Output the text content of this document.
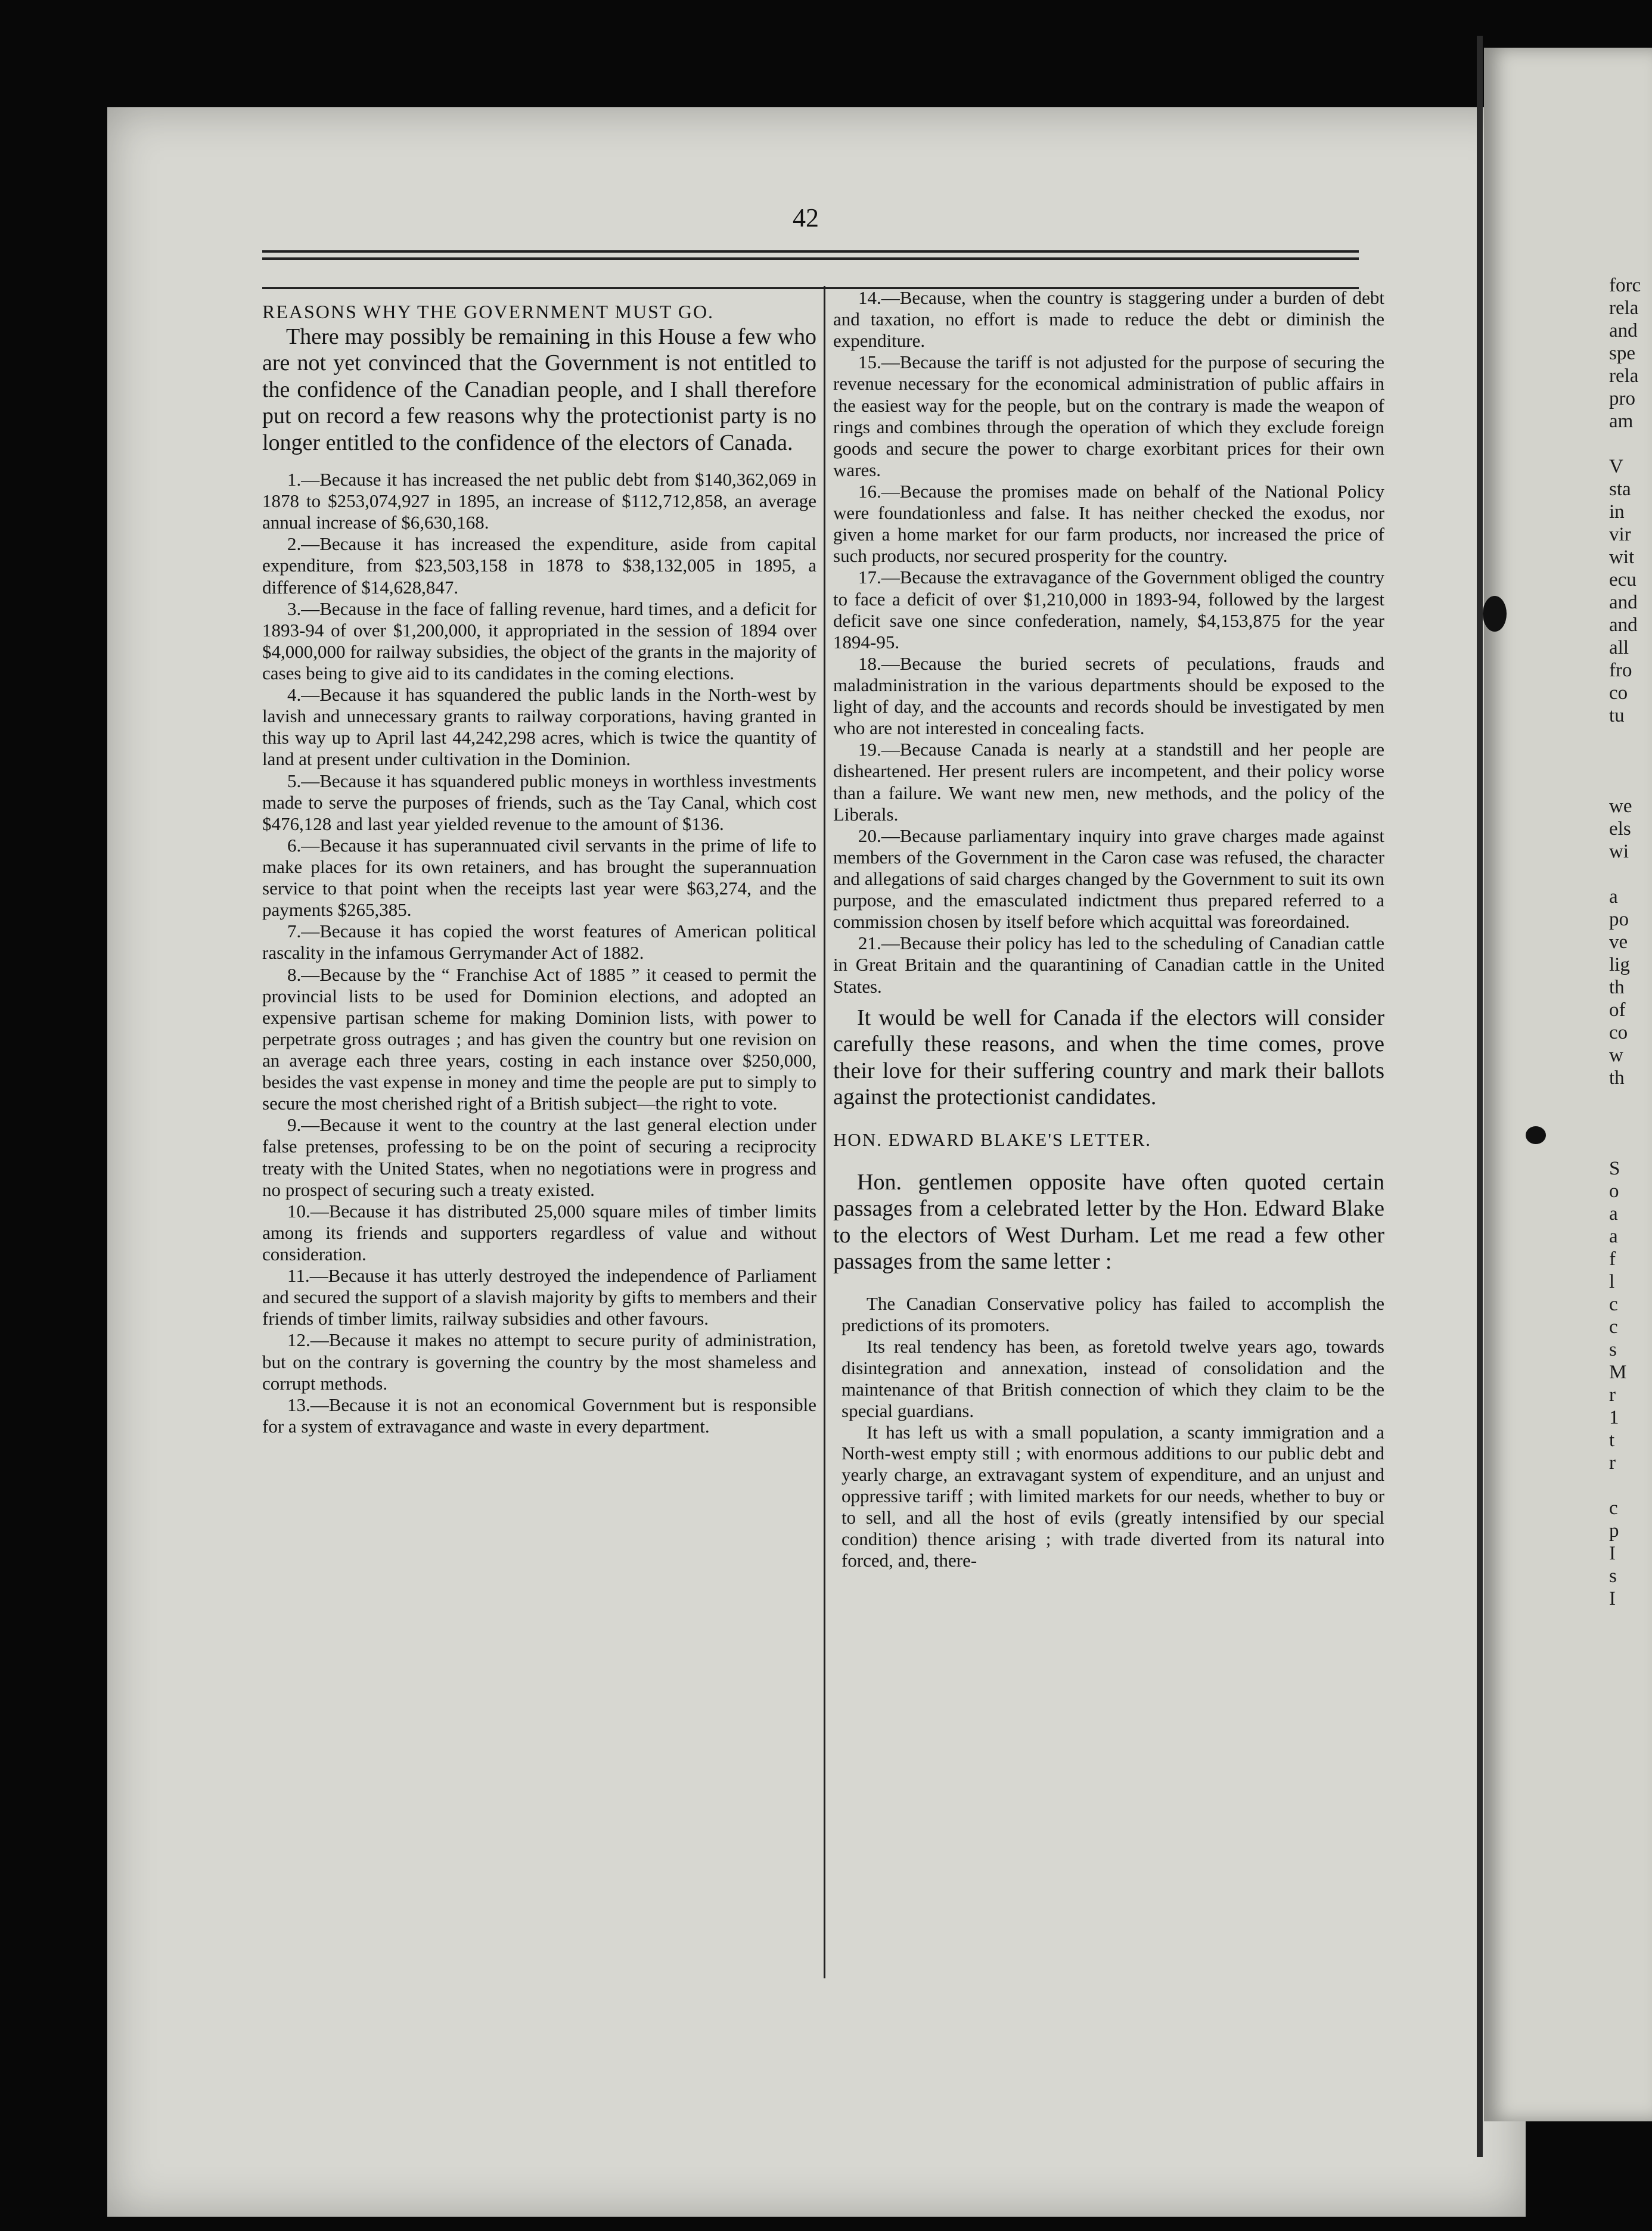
forc
rela
and
spe
rela
pro
am

V
sta
in
vir
wit
ecu
and
and
all
fro
co
tu

we
els
wi

a
po
ve
lig
th
of
co
w
th

S
o
a
a
f
l
c
c
s
M
r
1
t
r

c
p
I
s
I
42

REASONS WHY THE GOVERNMENT MUST GO.

There may possibly be remaining in this House a few who are not yet convinced that the Government is not entitled to the confidence of the Canadian people, and I shall therefore put on record a few reasons why the protectionist party is no longer entitled to the confidence of the electors of Canada.

1.—Because it has increased the net public debt from $140,362,069 in 1878 to $253,074,927 in 1895, an increase of $112,712,858, an average annual increase of $6,630,168.

2.—Because it has increased the expenditure, aside from capital expenditure, from $23,503,158 in 1878 to $38,132,005 in 1895, a difference of $14,628,847.

3.—Because in the face of falling revenue, hard times, and a deficit for 1893-94 of over $1,200,000, it appropriated in the session of 1894 over $4,000,000 for railway subsidies, the object of the grants in the majority of cases being to give aid to its candidates in the coming elections.

4.—Because it has squandered the public lands in the North-west by lavish and unnecessary grants to railway corporations, having granted in this way up to April last 44,242,298 acres, which is twice the quantity of land at present under cultivation in the Dominion.

5.—Because it has squandered public moneys in worthless investments made to serve the purposes of friends, such as the Tay Canal, which cost $476,128 and last year yielded revenue to the amount of $136.

6.—Because it has superannuated civil servants in the prime of life to make places for its own retainers, and has brought the superannuation service to that point when the receipts last year were $63,274, and the payments $265,385.

7.—Because it has copied the worst features of American political rascality in the infamous Gerrymander Act of 1882.

8.—Because by the “ Franchise Act of 1885 ” it ceased to permit the provincial lists to be used for Dominion elections, and adopted an expensive partisan scheme for making Dominion lists, with power to perpetrate gross outrages ; and has given the country but one revision on an average each three years, costing in each instance over $250,000, besides the vast expense in money and time the people are put to simply to secure the most cherished right of a British subject—the right to vote.

9.—Because it went to the country at the last general election under false pretenses, professing to be on the point of securing a reciprocity treaty with the United States, when no negotiations were in progress and no prospect of securing such a treaty existed.

10.—Because it has distributed 25,000 square miles of timber limits among its friends and supporters regardless of value and without consideration.

11.—Because it has utterly destroyed the independence of Parliament and secured the support of a slavish majority by gifts to members and their friends of timber limits, railway subsidies and other favours.

12.—Because it makes no attempt to secure purity of administration, but on the contrary is governing the country by the most shameless and corrupt methods.

13.—Because it is not an economical Government but is responsible for a system of extravagance and waste in every department.

14.—Because, when the country is staggering under a burden of debt and taxation, no effort is made to reduce the debt or diminish the expenditure.

15.—Because the tariff is not adjusted for the purpose of securing the revenue necessary for the economical administration of public affairs in the easiest way for the people, but on the contrary is made the weapon of rings and combines through the operation of which they exclude foreign goods and secure the power to charge exorbitant prices for their own wares.

16.—Because the promises made on behalf of the National Policy were foundationless and false. It has neither checked the exodus, nor given a home market for our farm products, nor increased the price of such products, nor secured prosperity for the country.

17.—Because the extravagance of the Government obliged the country to face a deficit of over $1,210,000 in 1893-94, followed by the largest deficit save one since confederation, namely, $4,153,875 for the year 1894-95.

18.—Because the buried secrets of peculations, frauds and maladministration in the various departments should be exposed to the light of day, and the accounts and records should be investigated by men who are not interested in concealing facts.

19.—Because Canada is nearly at a standstill and her people are disheartened. Her present rulers are incompetent, and their policy worse than a failure. We want new men, new methods, and the policy of the Liberals.

20.—Because parliamentary inquiry into grave charges made against members of the Government in the Caron case was refused, the character and allegations of said charges changed by the Government to suit its own purpose, and the emasculated indictment thus prepared referred to a commission chosen by itself before which acquittal was foreordained.

21.—Because their policy has led to the scheduling of Canadian cattle in Great Britain and the quarantining of Canadian cattle in the United States.

It would be well for Canada if the electors will consider carefully these reasons, and when the time comes, prove their love for their suffering country and mark their ballots against the protectionist candidates.

HON. EDWARD BLAKE'S LETTER.

Hon. gentlemen opposite have often quoted certain passages from a celebrated letter by the Hon. Edward Blake to the electors of West Durham. Let me read a few other passages from the same letter :

The Canadian Conservative policy has failed to accomplish the predictions of its promoters.

Its real tendency has been, as foretold twelve years ago, towards disintegration and annexation, instead of consolidation and the maintenance of that British connection of which they claim to be the special guardians.

It has left us with a small population, a scanty immigration and a North-west empty still ; with enormous additions to our public debt and yearly charge, an extravagant system of expenditure, and an unjust and oppressive tariff ; with limited markets for our needs, whether to buy or to sell, and all the host of evils (greatly intensified by our special condition) thence arising ; with trade diverted from its natural into forced, and, there-
